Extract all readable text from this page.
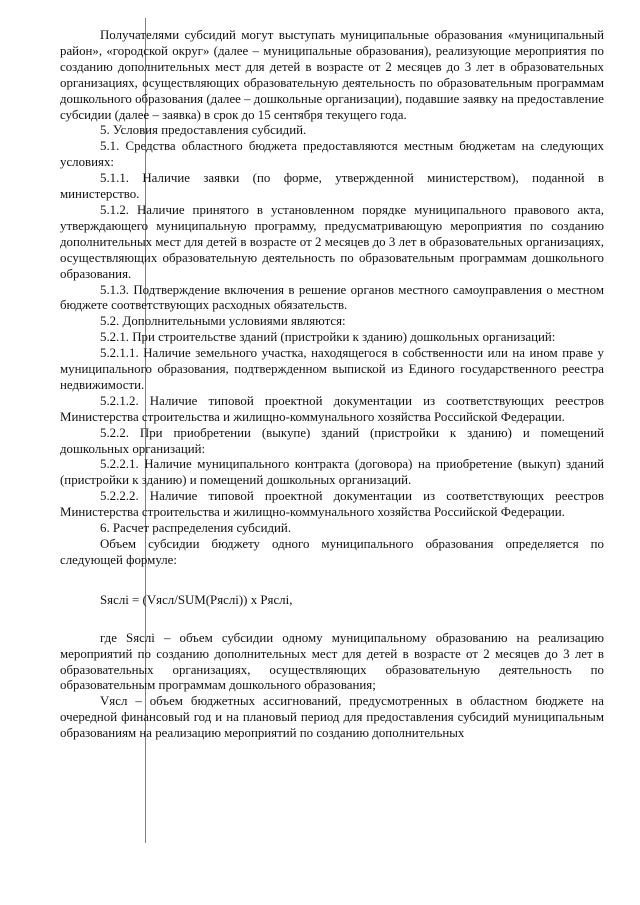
Получателями субсидий могут выступать муниципальные образования «муниципальный район», «городской округ» (далее – муниципальные образования), реализующие мероприятия по созданию дополнительных мест для детей в возрасте от 2 месяцев до 3 лет в образовательных организациях, осуществляющих образовательную деятельность по образовательным программам дошкольного образования (далее – дошкольные организации), подавшие заявку на предоставление субсидии (далее – заявка) в срок до 15 сентября текущего года.

5. Условия предоставления субсидий.

5.1. Средства областного бюджета предоставляются местным бюджетам на следующих условиях:

5.1.1. Наличие заявки (по форме, утвержденной министерством), поданной в министерство.

5.1.2. Наличие принятого в установленном порядке муниципального правового акта, утверждающего муниципальную программу, предусматривающую мероприятия по созданию дополнительных мест для детей в возрасте от 2 месяцев до 3 лет в образовательных организациях, осуществляющих образовательную деятельность по образовательным программам дошкольного образования.

5.1.3. Подтверждение включения в решение органов местного самоуправления о местном бюджете соответствующих расходных обязательств.

5.2. Дополнительными условиями являются:

5.2.1. При строительстве зданий (пристройки к зданию) дошкольных организаций:

5.2.1.1. Наличие земельного участка, находящегося в собственности или на ином праве у муниципального образования, подтвержденном выпиской из Единого государственного реестра недвижимости.

5.2.1.2. Наличие типовой проектной документации из соответствующих реестров Министерства строительства и жилищно-коммунального хозяйства Российской Федерации.

5.2.2. При приобретении (выкупе) зданий (пристройки к зданию) и помещений дошкольных организаций:

5.2.2.1. Наличие муниципального контракта (договора) на приобретение (выкуп) зданий (пристройки к зданию) и помещений дошкольных организаций.

5.2.2.2. Наличие типовой проектной документации из соответствующих реестров Министерства строительства и жилищно-коммунального хозяйства Российской Федерации.

6. Расчет распределения субсидий.

Объем субсидии бюджету одного муниципального образования определяется по следующей формуле:

Sяслi = (Vясл/SUM(Pяслi)) x Pяслi,

где Sяслi – объем субсидии одному муниципальному образованию на реализацию мероприятий по созданию дополнительных мест для детей в возрасте от 2 месяцев до 3 лет в образовательных организациях, осуществляющих образовательную деятельность по образовательным программам дошкольного образования;

Vясл – объем бюджетных ассигнований, предусмотренных в областном бюджете на очередной финансовый год и на плановый период для предоставления субсидий муниципальным образованиям на реализацию мероприятий по созданию дополнительных
